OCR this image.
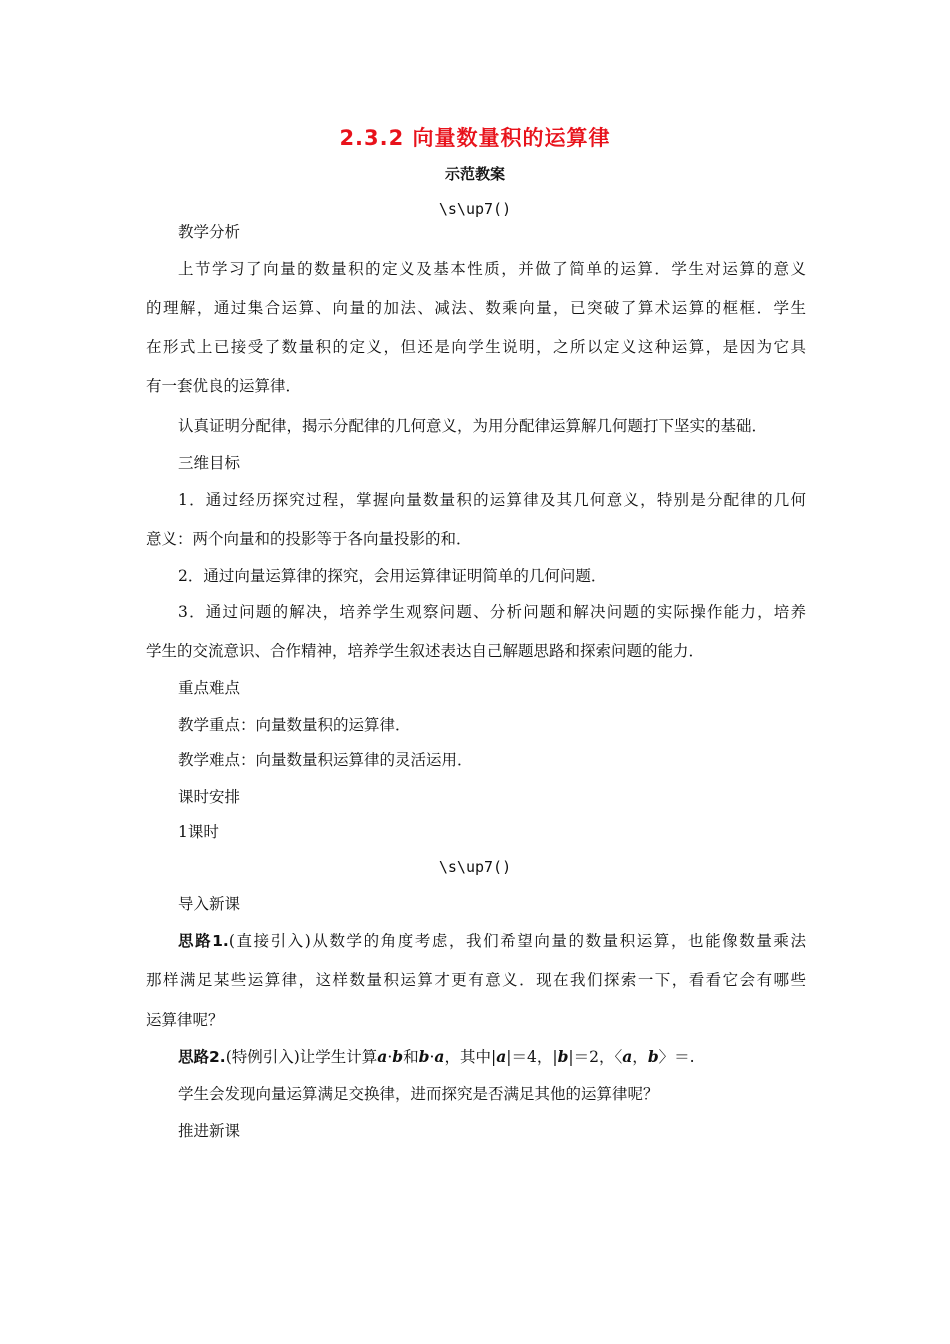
2.3.2 向量数量积的运算律
示范教案
\s\up7()
教学分析
上节学习了向量的数量积的定义及基本性质，并做了简单的运算．学生对运算的意义
的理解，通过集合运算、向量的加法、减法、数乘向量，已突破了算术运算的框框．学生
在形式上已接受了数量积的定义，但还是向学生说明，之所以定义这种运算，是因为它具
有一套优良的运算律．
认真证明分配律，揭示分配律的几何意义，为用分配律运算解几何题打下坚实的基础．
三维目标
1．通过经历探究过程，掌握向量数量积的运算律及其几何意义，特别是分配律的几何
意义：两个向量和的投影等于各向量投影的和．
2．通过向量运算律的探究，会用运算律证明简单的几何问题．
3．通过问题的解决，培养学生观察问题、分析问题和解决问题的实际操作能力，培养
学生的交流意识、合作精神，培养学生叙述表达自己解题思路和探索问题的能力．
重点难点
教学重点：向量数量积的运算律．
教学难点：向量数量积运算律的灵活运用．
课时安排
1课时
\s\up7()
导入新课
思路1.(直接引入)从数学的角度考虑，我们希望向量的数量积运算，也能像数量乘法
那样满足某些运算律，这样数量积运算才更有意义．现在我们探索一下，看看它会有哪些
运算律呢？
思路2.(特例引入)让学生计算a·b和b·a，其中|a|＝4，|b|＝2，〈a，b〉＝.
学生会发现向量运算满足交换律，进而探究是否满足其他的运算律呢？
推进新课
